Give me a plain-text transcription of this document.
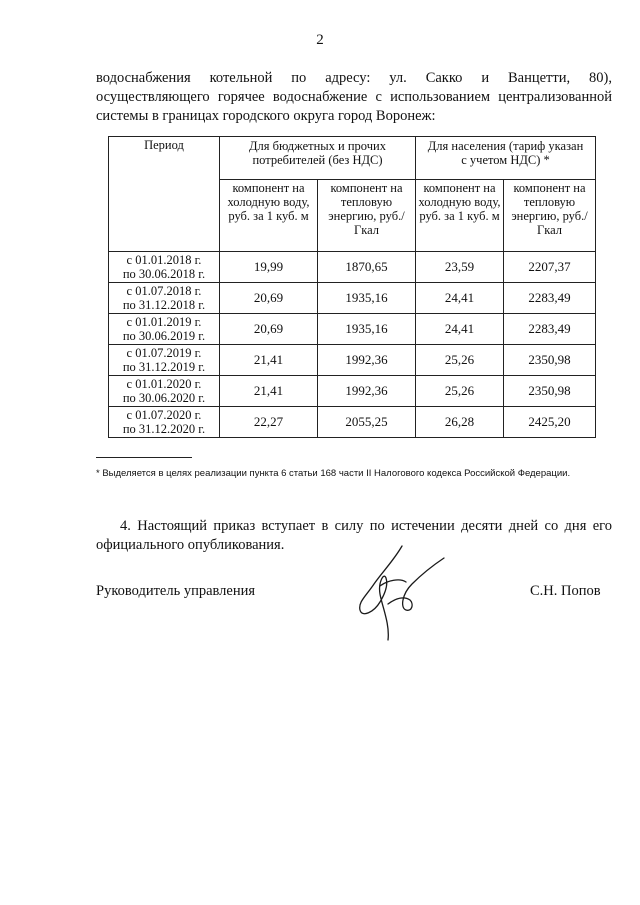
2
водоснабжения котельной по адресу: ул. Сакко и Ванцетти, 80),
осуществляющего горячее водоснабжение с использованием централизованной
системы в границах городского округа город Воронеж:
Период	Для бюджетных и прочих потребителей (без НДС)		Для населения (тариф указан с учетом НДС) *	
	компонент на холодную воду, руб. за 1 куб. м	компонент на тепловую энергию, руб./Гкал	компонент на холодную воду, руб. за 1 куб. м	компонент на тепловую энергию, руб./Гкал
с 01.01.2018 г.
по 30.06.2018 г.	19,99	1870,65	23,59	2207,37
с 01.07.2018 г.
по 31.12.2018 г.	20,69	1935,16	24,41	2283,49
с 01.01.2019 г.
по 30.06.2019 г.	20,69	1935,16	24,41	2283,49
с 01.07.2019 г.
по 31.12.2019 г.	21,41	1992,36	25,26	2350,98
с 01.01.2020 г.
по 30.06.2020 г.	21,41	1992,36	25,26	2350,98
с 01.07.2020 г.
по 31.12.2020 г.	22,27	2055,25	26,28	2425,20
* Выделяется в целях реализации пункта 6 статьи 168 части II Налогового кодекса Российской Федерации.
4. Настоящий приказ вступает в силу по истечении десяти дней со дня его
официального опубликования.
Руководитель управления	С.Н. Попов
